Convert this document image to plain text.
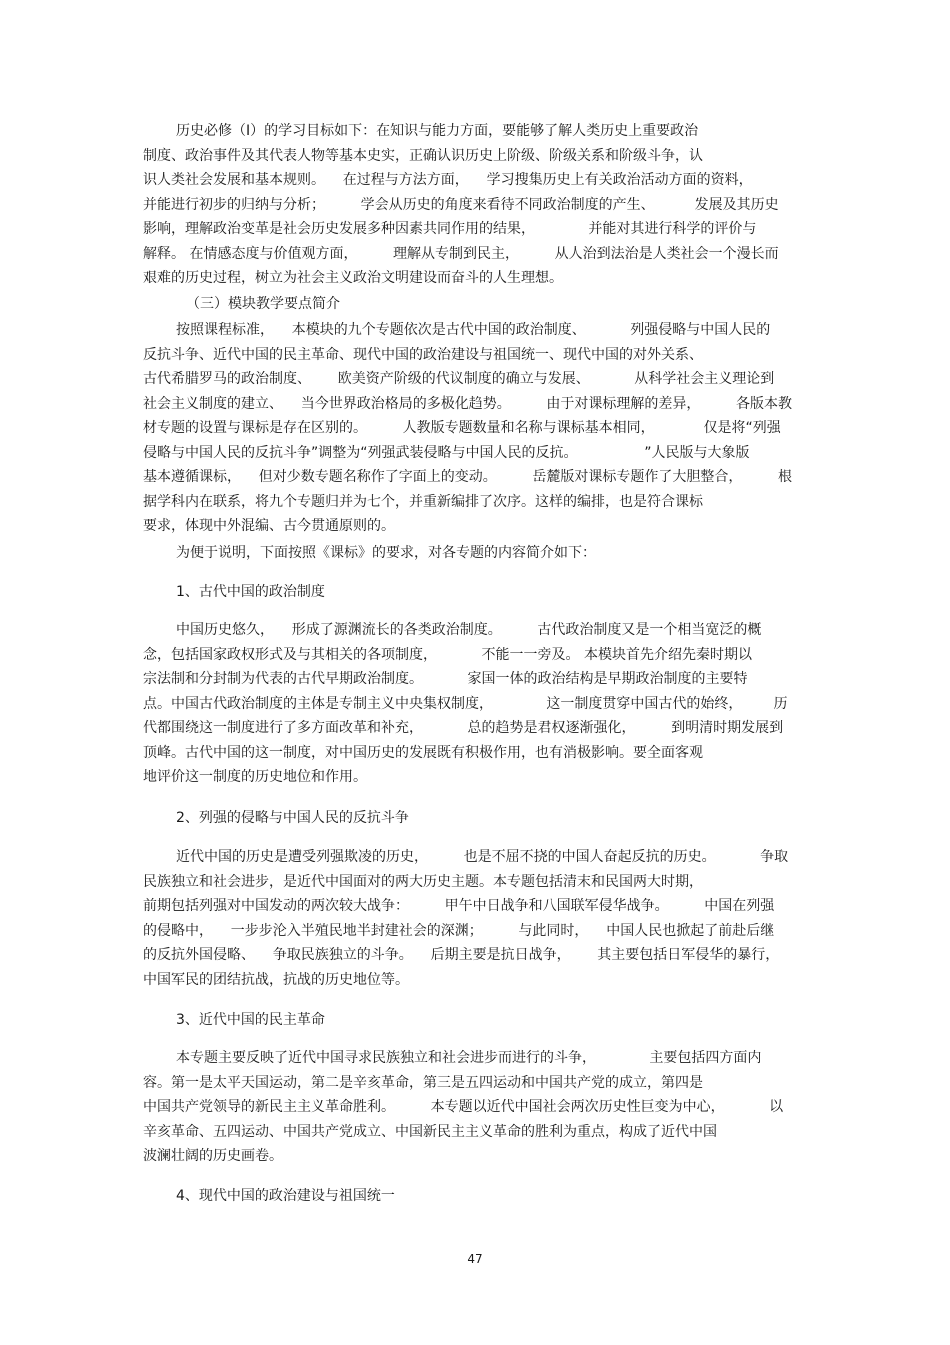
历史必修（Ⅰ）的学习目标如下：在知识与能力方面，要能够了解人类历史上重要政治
制度、政治事件及其代表人物等基本史实，正确认识历史上阶级、阶级关系和阶级斗争，认
识人类社会发展和基本规则。    在过程与方法方面，    学习搜集历史上有关政治活动方面的资料，
并能进行初步的归纳与分析；        学会从历史的角度来看待不同政治制度的产生、         发展及其历史
影响，理解政治变革是社会历史发展多种因素共同作用的结果，            并能对其进行科学的评价与
解释。 在情感态度与价值观方面，        理解从专制到民主，        从人治到法治是人类社会一个漫长而
艰难的历史过程，树立为社会主义政治文明建设而奋斗的人生理想。
（三）模块教学要点简介
按照课程标准，    本模块的九个专题依次是古代中国的政治制度、          列强侵略与中国人民的
反抗斗争、近代中国的民主革命、现代中国的政治建设与祖国统一、现代中国的对外关系、
古代希腊罗马的政治制度、      欧美资产阶级的代议制度的确立与发展、          从科学社会主义理论到
社会主义制度的建立、    当今世界政治格局的多极化趋势。        由于对课标理解的差异，        各版本教
材专题的设置与课标是存在区别的。        人教版专题数量和名称与课标基本相同，           仅是将“列强
侵略与中国人民的反抗斗争”调整为“列强武装侵略与中国人民的反抗。               ”人民版与大象版
基本遵循课标，    但对少数专题名称作了字面上的变动。        岳麓版对课标专题作了大胆整合，        根
据学科内在联系，将九个专题归并为七个，并重新编排了次序。这样的编排，也是符合课标
要求，体现中外混编、古今贯通原则的。
为便于说明，下面按照《课标》的要求，对各专题的内容简介如下：
1、古代中国的政治制度
中国历史悠久，    形成了源渊流长的各类政治制度。        古代政治制度又是一个相当宽泛的概
念，包括国家政权形式及与其相关的各项制度，          不能一一旁及。 本模块首先介绍先秦时期以
宗法制和分封制为代表的古代早期政治制度。          家国一体的政治结构是早期政治制度的主要特
点。中国古代政治制度的主体是专制主义中央集权制度，            这一制度贯穿中国古代的始终，       历
代都围绕这一制度进行了多方面改革和补充，          总的趋势是君权逐渐强化，        到明清时期发展到
顶峰。古代中国的这一制度，对中国历史的发展既有积极作用，也有消极影响。要全面客观
地评价这一制度的历史地位和作用。
2、列强的侵略与中国人民的反抗斗争
近代中国的历史是遭受列强欺凌的历史，        也是不屈不挠的中国人奋起反抗的历史。          争取
民族独立和社会进步，是近代中国面对的两大历史主题。本专题包括清末和民国两大时期，
前期包括列强对中国发动的两次较大战争：        甲午中日战争和八国联军侵华战争。        中国在列强
的侵略中，    一步步沦入半殖民地半封建社会的深渊；        与此同时，    中国人民也掀起了前赴后继
的反抗外国侵略、    争取民族独立的斗争。    后期主要是抗日战争，      其主要包括日军侵华的暴行，
中国军民的团结抗战，抗战的历史地位等。
3、近代中国的民主革命
本专题主要反映了近代中国寻求民族独立和社会进步而进行的斗争，            主要包括四方面内
容。第一是太平天国运动，第二是辛亥革命，第三是五四运动和中国共产党的成立，第四是
中国共产党领导的新民主主义革命胜利。        本专题以近代中国社会两次历史性巨变为中心，          以
辛亥革命、五四运动、中国共产党成立、中国新民主主义革命的胜利为重点，构成了近代中国
波澜壮阔的历史画卷。
4、现代中国的政治建设与祖国统一
47
